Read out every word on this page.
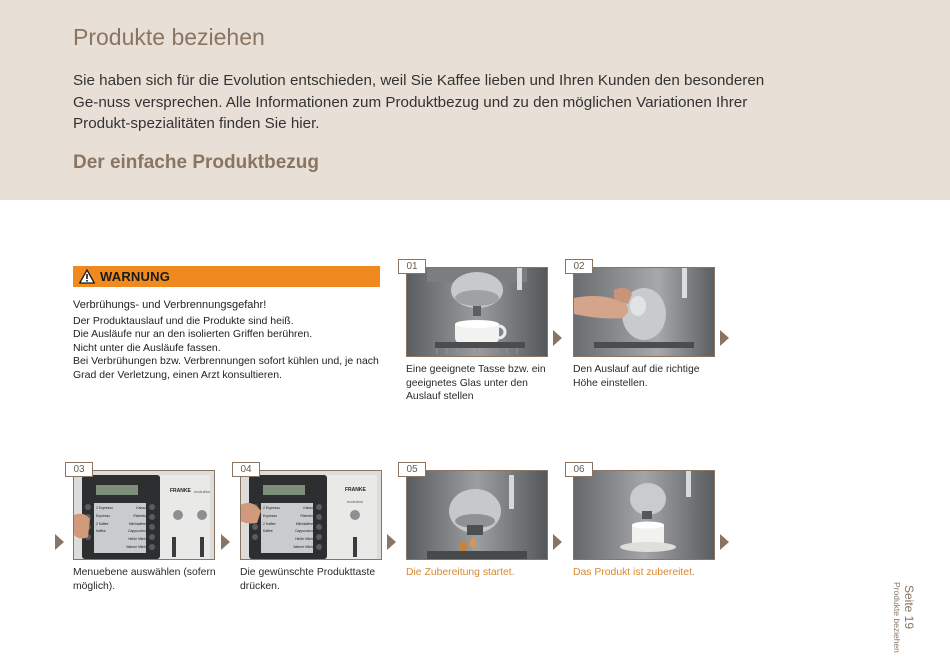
Produkte beziehen

Sie haben sich für die Evolution entschieden, weil Sie Kaffee lieben und Ihren Kunden den besonderen Ge-nuss versprechen. Alle Informationen zum Produktbezug und zu den möglichen Variationen Ihrer Produkt-spezialitäten finden Sie hier.

Der einfache Produktbezug
WARNUNG
Verbrühungs- und Verbrennungsgefahr!
Der Produktauslauf und die Produkte sind heiß.
Die Ausläufe nur an den isolierten Griffen berühren.
Nicht unter die Ausläufe fassen.
Bei Verbrühungen bzw. Verbrennungen sofort kühlen und, je nach Grad der Verletzung, einen Arzt konsultieren.
01
Eine geeignete Tasse bzw. ein geeignetes Glas unter den Auslauf stellen
02
Den Auslauf auf die richtige Höhe einstellen.
03
FRANKE evolution
2 Espresso	Kakao
Espresso	Ristretto
2 Kaffee	Milchkaffee
Kaffee	Cappuccino

Heiße Milch

Warme Milch
Menuebene auswählen (sofern möglich).
04
FRANKE
evolution
2 Espresso	Kakao
Espresso	Ristretto
2 Kaffee	Milchkaffee
Kaffee	Cappuccino

Heiße Milch

Warme Milch
Die gewünschte Produkttaste drücken.
05
Die Zubereitung startet.
06
Das Produkt ist zubereitet.
Seite 19
Produkte beziehen
